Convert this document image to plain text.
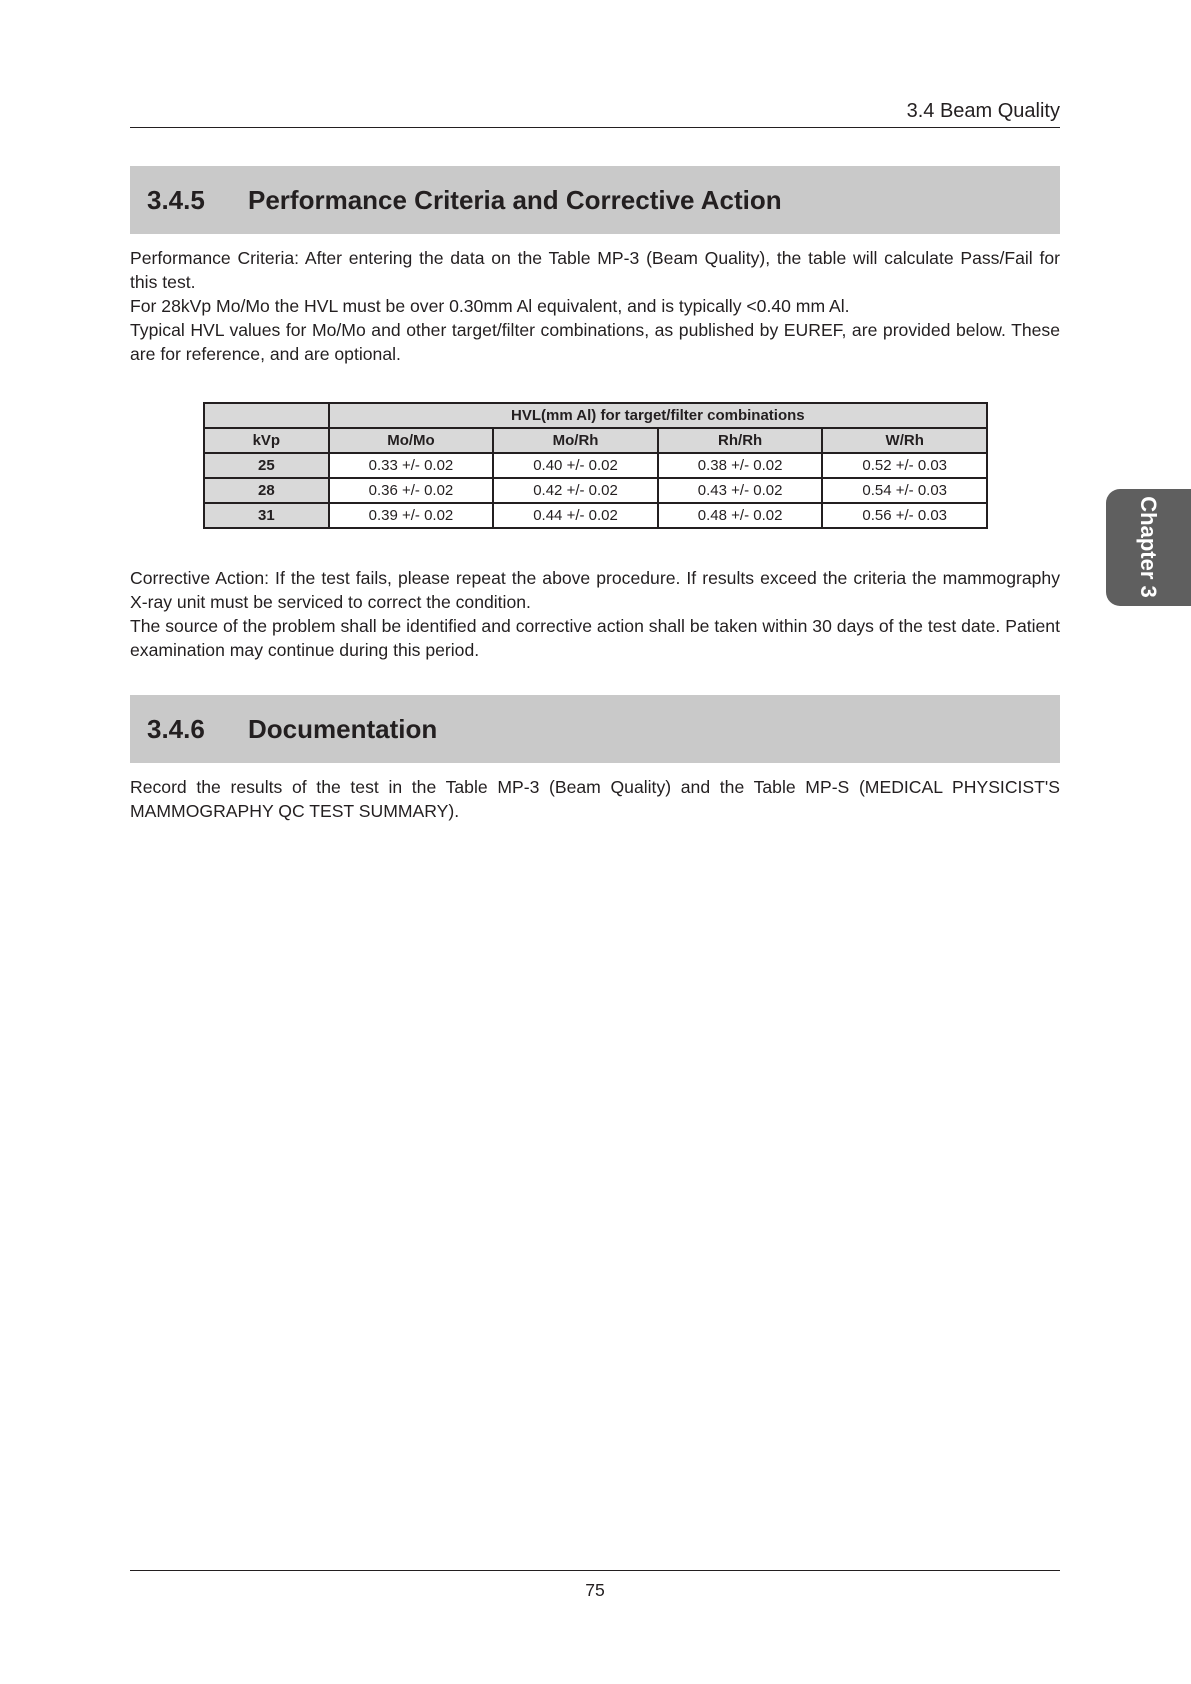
3.4 Beam Quality
3.4.5	Performance Criteria and Corrective Action

Performance Criteria: After entering the data on the Table MP-3 (Beam Quality), the table will calculate Pass/Fail for this test.

For 28kVp Mo/Mo the HVL must be over 0.30mm Al equivalent, and is typically <0.40 mm Al.

Typical HVL values for Mo/Mo and other target/filter combinations, as published by EUREF, are provided below. These are for reference, and are optional.

	HVL(mm Al) for target/filter combinations			
kVp	Mo/Mo	Mo/Rh	Rh/Rh	W/Rh
25	0.33 +/- 0.02	0.40 +/- 0.02	0.38 +/- 0.02	0.52 +/- 0.03
28	0.36 +/- 0.02	0.42 +/- 0.02	0.43 +/- 0.02	0.54 +/- 0.03
31	0.39 +/- 0.02	0.44 +/- 0.02	0.48 +/- 0.02	0.56 +/- 0.03

Corrective Action: If the test fails, please repeat the above procedure. If results exceed the criteria the mammography X-ray unit must be serviced to correct the condition.

The source of the problem shall be identified and corrective action shall be taken within 30 days of the test date. Patient examination may continue during this period.

3.4.6	Documentation

Record the results of the test in the Table MP-3 (Beam Quality) and the Table MP-S (MEDICAL PHYSICIST'S MAMMOGRAPHY QC TEST SUMMARY).

Chapter 3
75
